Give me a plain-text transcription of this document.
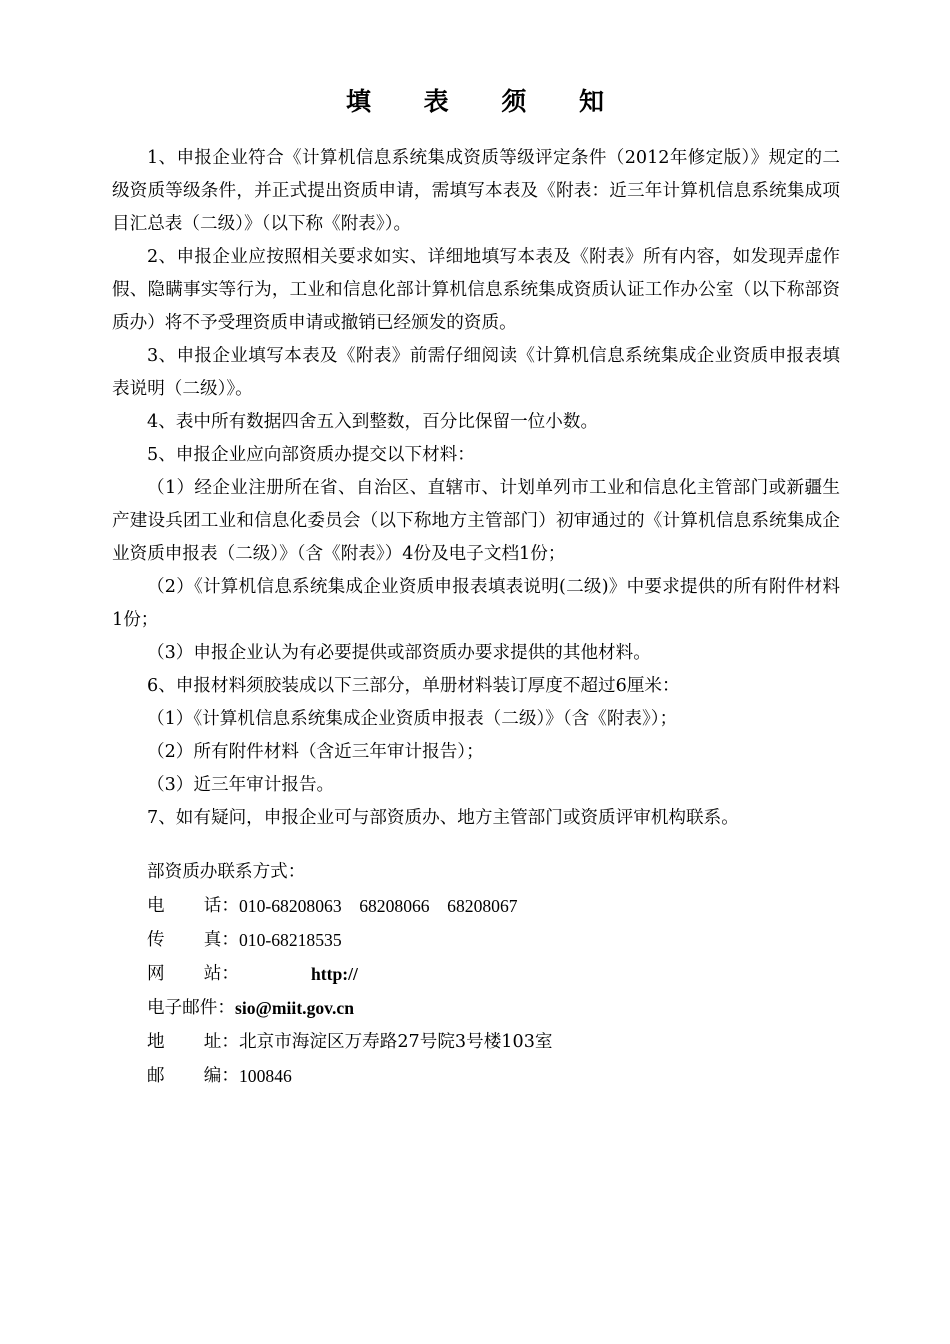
填 表 须 知

1、申报企业符合《计算机信息系统集成资质等级评定条件（2012年修定版）》规定的二级资质等级条件，并正式提出资质申请，需填写本表及《附表：近三年计算机信息系统集成项目汇总表（二级）》（以下称《附表》）。

2、申报企业应按照相关要求如实、详细地填写本表及《附表》所有内容，如发现弄虚作假、隐瞒事实等行为，工业和信息化部计算机信息系统集成资质认证工作办公室（以下称部资质办）将不予受理资质申请或撤销已经颁发的资质。

3、申报企业填写本表及《附表》前需仔细阅读《计算机信息系统集成企业资质申报表填表说明（二级）》。

4、表中所有数据四舍五入到整数，百分比保留一位小数。

5、申报企业应向部资质办提交以下材料：

（1）经企业注册所在省、自治区、直辖市、计划单列市工业和信息化主管部门或新疆生产建设兵团工业和信息化委员会（以下称地方主管部门）初审通过的《计算机信息系统集成企业资质申报表（二级）》（含《附表》）4份及电子文档1份；

（2）《计算机信息系统集成企业资质申报表填表说明(二级)》中要求提供的所有附件材料1份；

（3）申报企业认为有必要提供或部资质办要求提供的其他材料。

6、申报材料须胶装成以下三部分，单册材料装订厚度不超过6厘米：

（1）《计算机信息系统集成企业资质申报表（二级）》（含《附表》）；

（2）所有附件材料（含近三年审计报告）；

（3）近三年审计报告。

7、如有疑问，申报企业可与部资质办、地方主管部门或资质评审机构联系。

部资质办联系方式：
电 话： 010-68208063　68208066　68208067
传 真： 010-68218535
网 站：	http://
电子邮件： sio@miit.gov.cn
地 址： 北京市海淀区万寿路27号院3号楼103室
邮 编： 100846
